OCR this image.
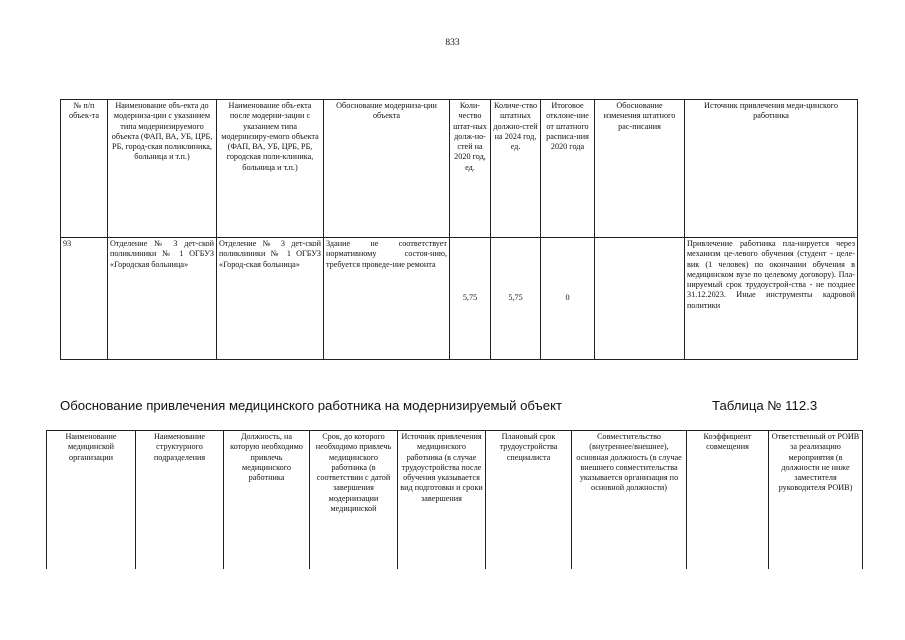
833
№ п/п объек-та	Наименование объ-екта до модерниза-ции с указанием типа модернизируемого объекта (ФАП, ВА, УБ, ЦРБ, РБ, город-ская поликлиника, больница и т.п.)	Наименование объ-екта после модерни-зации с указанием типа модернизиру-емого объекта (ФАП, ВА, УБ, ЦРБ, РБ, городская поли-клиника, больница и т.п.)	Обоснование модерниза-ции объекта	Коли-чество штат-ных долж-но-стей на 2020 год, ед.	Количе-ство штатных должно-стей на 2024 год, ед.	Итоговое отклоне-ние от штатного расписа-ния 2020 года	Обоснование изменения штатного рас-писания	Источник привлечения меди-цинского работника
93	Отделение № 3 дет-ской поликлиники № 1 ОГБУЗ «Городская больница»	Отделение № 3 дет-ской поликлиники № 1 ОГБУЗ «Город-ская больница»	Здание не соответствует нормативному состоя-нию, требуется проведе-ние ремонта	5,75	5,75	0		Привлечение работника пла-нируется через механизм це-левого обучения (студент - целе-вик (1 человек) по окончании обучения в медицинском вузе по целевому договору). Пла-нируемый срок трудоустрой-ства - не позднее 31.12.2023. Иные инструменты кадровой политики
Обоснование привлечения медицинского работника на модернизируемый объект	Таблица № 112.3
Наименование медицинской организации	Наименование структурного подразделения	Должность, на которую необходимо привлечь медицинского работника	Срок, до которого необходимо привлечь медицинского работника (в соответствии с датой завершения модернизации медицинской	Источник привлечения медицинского работника (в случае трудоустройства после обучения указывается вид подготовки и сроки завершения	Плановый срок трудоустройства специалиста	Совместительство (внутреннее/внешнее), основная должность (в случае внешнего совместительства указывается организация по основной должности)	Коэффициент совмещения	Ответственный от РОИВ за реализацию мероприятия (в должности не ниже заместителя руководителя РОИВ)
